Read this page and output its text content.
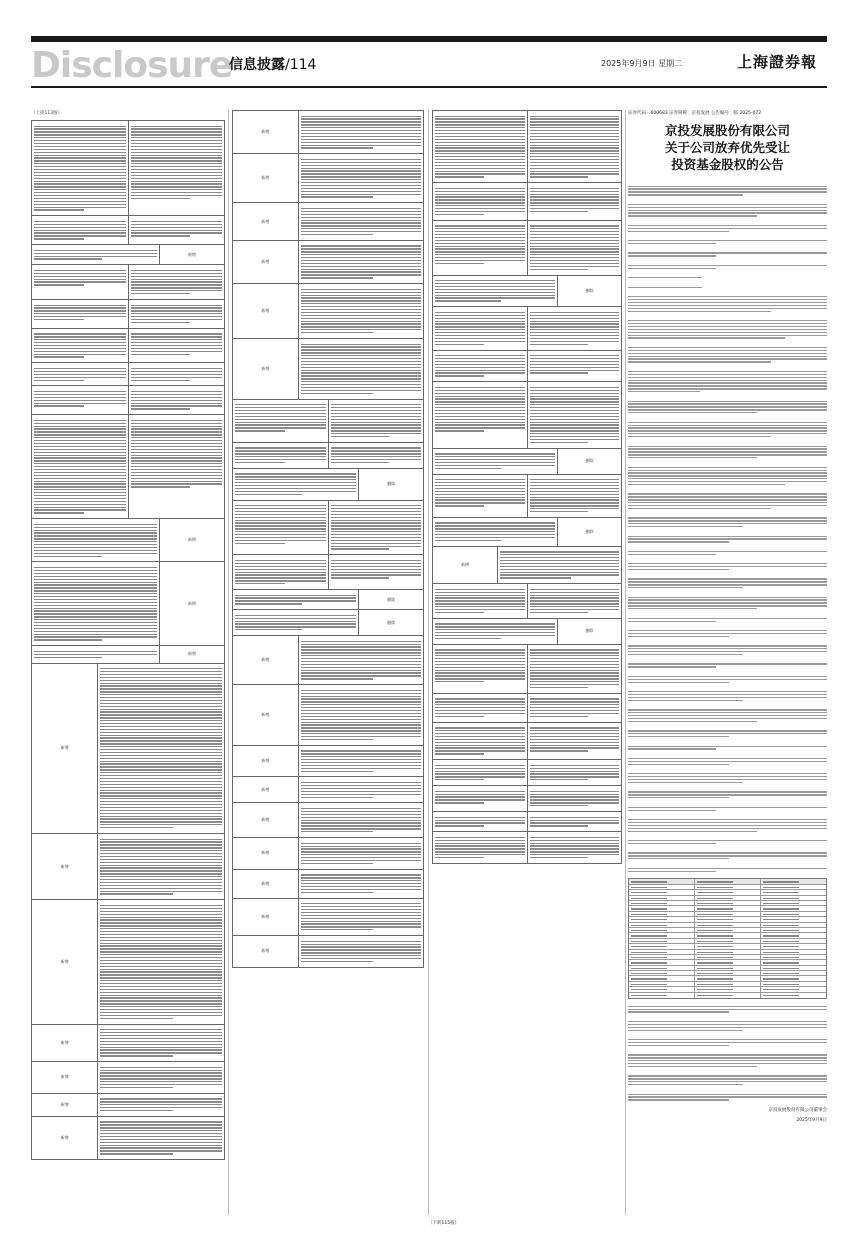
Disclosure
信息披露/114	2025年9月9日 星期二	上海證券報
（上接113版）
新增
新增
新增
新增
新增
新增
新增
新增
新增
新增
新增
新增
新增
新增
新增
新增
新增
删除
删除
删除
新增
新增
新增
新增
新增
新增
新增
新增
新增
删除
删除
删除
新增
删除
证券代码：600683 证券简称：京投发展 公告编号：临 2025-072
京投发展股份有限公司
关于公司放弃优先受让
投资基金股权的公告
京投发展股份有限公司董事会
2025年9月9日
（下转115版）
